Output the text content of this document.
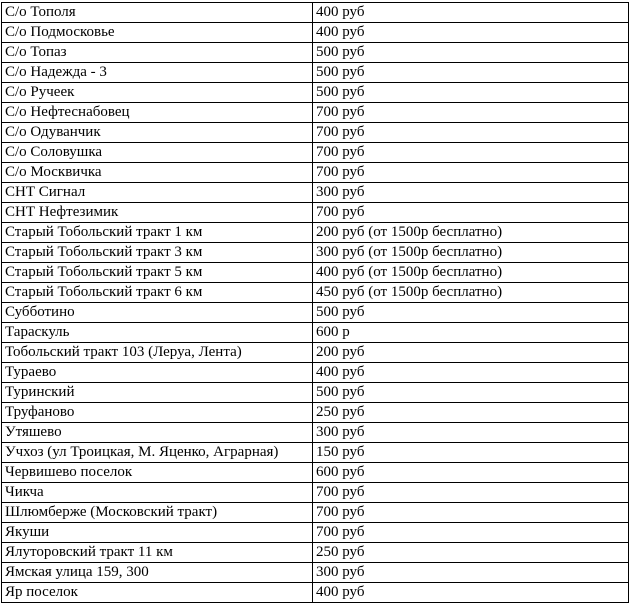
С/о Тополя	400 руб
С/о Подмосковье	400 руб
С/о Топаз	500 руб
С/о Надежда - 3	500 руб
С/о Ручеек	500 руб
С/о Нефтеснабовец	700 руб
С/о Одуванчик	700 руб
С/о Соловушка	700 руб
С/о Москвичка	700 руб
СНТ Сигнал	300 руб
СНТ Нефтезимик	700 руб
Старый Тобольский тракт 1 км	200 руб (от 1500р бесплатно)
Старый Тобольский тракт 3 км	300 руб (от 1500р бесплатно)
Старый Тобольский тракт 5 км	400 руб (от 1500р бесплатно)
Старый Тобольский тракт 6 км	450 руб (от 1500р бесплатно)
Субботино	500 руб
Тараскуль	600 р
Тобольский тракт 103 (Леруа, Лента)	200 руб
Тураево	400 руб
Туринский	500 руб
Труфаново	250 руб
Утяшево	300 руб
Учхоз (ул Троицкая, М. Яценко, Аграрная)	150 руб
Червишево поселок	600 руб
Чикча	700 руб
Шлюмберже (Московский тракт)	700 руб
Якуши	700 руб
Ялуторовский тракт 11 км	250 руб
Ямская улица 159, 300	300 руб
Яр поселок	400 руб
